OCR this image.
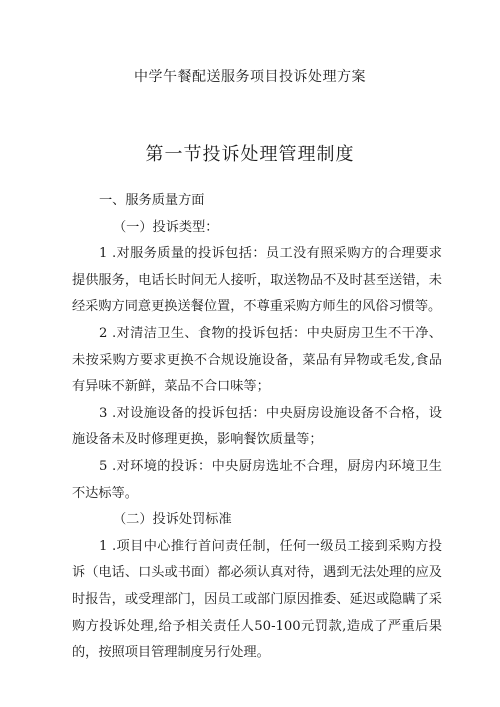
中学午餐配送服务项目投诉处理方案
第一节投诉处理管理制度

一、服务质量方面

（一）投诉类型：

1 .对服务质量的投诉包括：员工没有照采购方的合理要求提供服务，电话长时间无人接听，取送物品不及时甚至送错，未经采购方同意更换送餐位置，不尊重采购方师生的风俗习惯等。

2 .对清洁卫生、食物的投诉包括：中央厨房卫生不干净、未按采购方要求更换不合规设施设备，菜品有异物或毛发,食品有异味不新鲜，菜品不合口味等；

3 .对设施设备的投诉包括：中央厨房设施设备不合格，设施设备未及时修理更换，影响餐饮质量等；

5 .对环境的投诉：中央厨房选址不合理，厨房内环境卫生不达标等。

（二）投诉处罚标准

1 .项目中心推行首问责任制，任何一级员工接到采购方投诉（电话、口头或书面）都必须认真对待，遇到无法处理的应及时报告，或受理部门，因员工或部门原因推委、延迟或隐瞒了采购方投诉处理,给予相关责任人50-100元罚款,造成了严重后果的，按照项目管理制度另行处理。
